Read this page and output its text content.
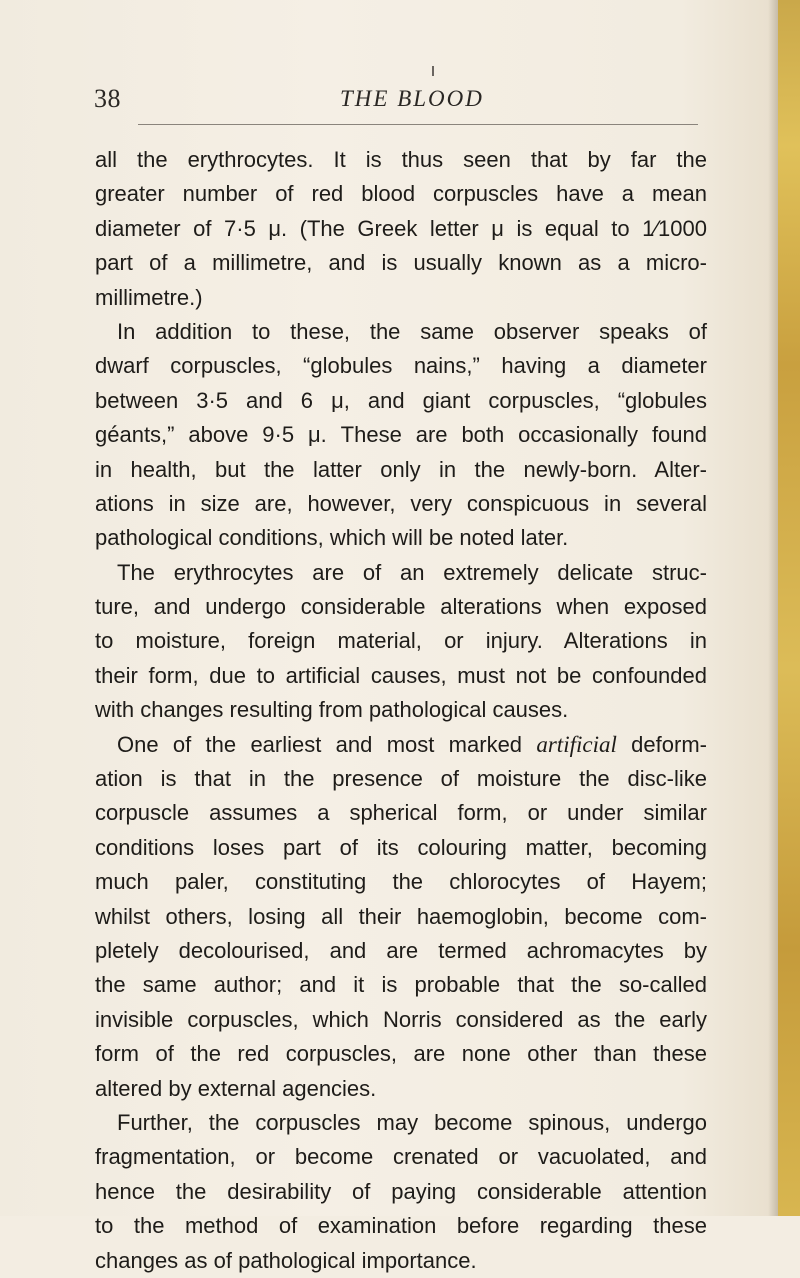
38	THE BLOOD
all the erythrocytes. It is thus seen that by far the
greater number of red blood corpuscles have a mean
diameter of 7·5 μ. (The Greek letter μ is equal to 1⁄1000
part of a millimetre, and is usually known as a micro-
millimetre.)
In addition to these, the same observer speaks of
dwarf corpuscles, “globules nains,” having a diameter
between 3·5 and 6 μ, and giant corpuscles, “globules
géants,” above 9·5 μ. These are both occasionally found
in health, but the latter only in the newly-born. Alter-
ations in size are, however, very conspicuous in several
pathological conditions, which will be noted later.
The erythrocytes are of an extremely delicate struc-
ture, and undergo considerable alterations when exposed
to moisture, foreign material, or injury. Alterations in
their form, due to artificial causes, must not be confounded
with changes resulting from pathological causes.
One of the earliest and most marked artificial deform-
ation is that in the presence of moisture the disc-like
corpuscle assumes a spherical form, or under similar
conditions loses part of its colouring matter, becoming
much paler, constituting the chlorocytes of Hayem;
whilst others, losing all their haemoglobin, become com-
pletely decolourised, and are termed achromacytes by
the same author; and it is probable that the so-called
invisible corpuscles, which Norris considered as the early
form of the red corpuscles, are none other than these
altered by external agencies.
Further, the corpuscles may become spinous, undergo
fragmentation, or become crenated or vacuolated, and
hence the desirability of paying considerable attention
to the method of examination before regarding these
changes as of pathological importance.
